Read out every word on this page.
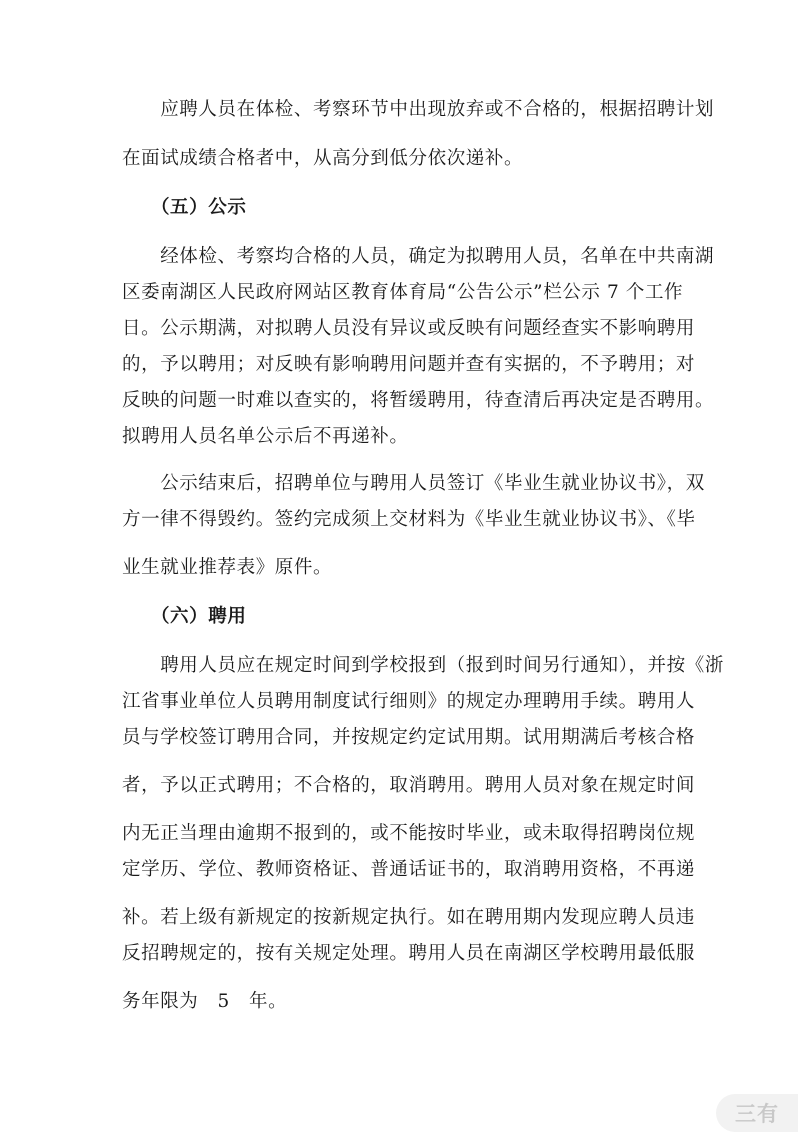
　　应聘人员在体检、考察环节中出现放弃或不合格的，根据招聘计划
在面试成绩合格者中，从高分到低分依次递补。
　　（五）公示
　　经体检、考察均合格的人员，确定为拟聘用人员，名单在中共南湖
区委南湖区人民政府网站区教育体育局“公告公示”栏公示 7 个工作
日。公示期满，对拟聘人员没有异议或反映有问题经查实不影响聘用
的，予以聘用；对反映有影响聘用问题并查有实据的，不予聘用；对
反映的问题一时难以查实的，将暂缓聘用，待查清后再决定是否聘用。
拟聘用人员名单公示后不再递补。
　　公示结束后，招聘单位与聘用人员签订《毕业生就业协议书》，双
方一律不得毁约。签约完成须上交材料为《毕业生就业协议书》、《毕
业生就业推荐表》原件。
　　（六）聘用
　　聘用人员应在规定时间到学校报到（报到时间另行通知），并按《浙
江省事业单位人员聘用制度试行细则》的规定办理聘用手续。聘用人
员与学校签订聘用合同，并按规定约定试用期。试用期满后考核合格
者，予以正式聘用；不合格的，取消聘用。聘用人员对象在规定时间
内无正当理由逾期不报到的，或不能按时毕业，或未取得招聘岗位规
定学历、学位、教师资格证、普通话证书的，取消聘用资格，不再递
补。若上级有新规定的按新规定执行。如在聘用期内发现应聘人员违
反招聘规定的，按有关规定处理。聘用人员在南湖区学校聘用最低服
务年限为　5　年。
三有
